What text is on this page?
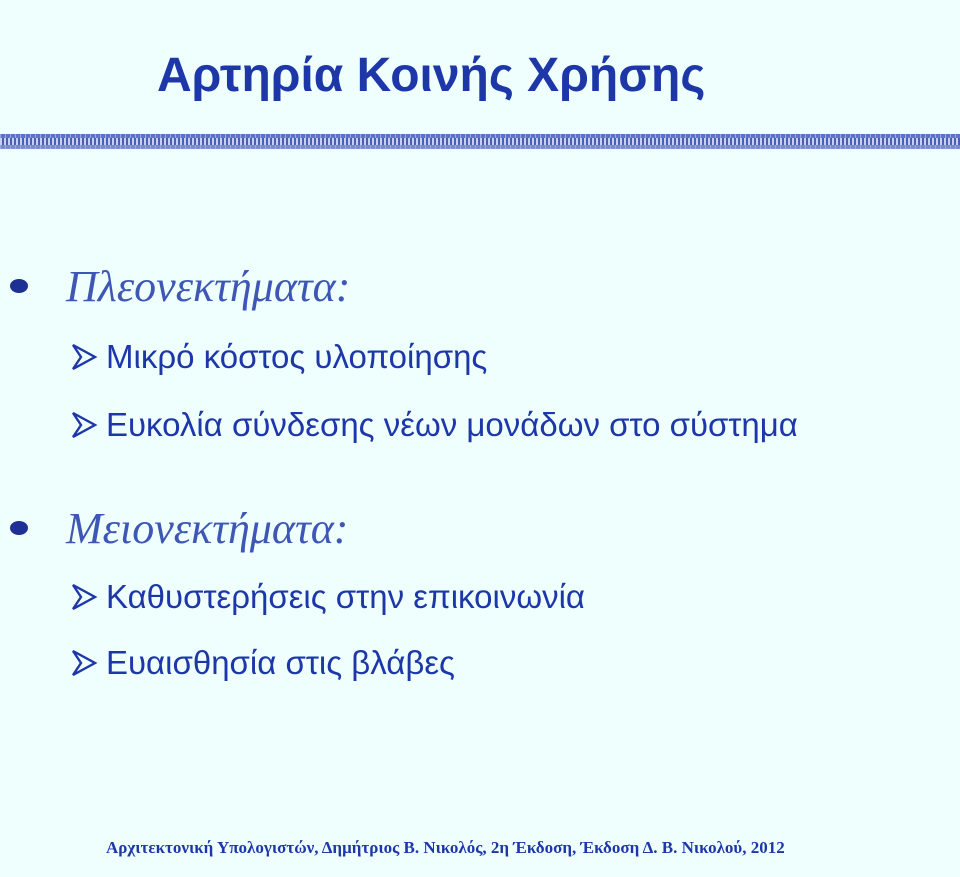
Αρτηρία Κοινής Χρήσης
Πλεονεκτήματα:
Μικρό κόστος υλοποίησης
Ευκολία σύνδεσης νέων μονάδων στο σύστημα
Μειονεκτήματα:
Καθυστερήσεις στην επικοινωνία
Ευαισθησία στις βλάβες
Αρχιτεκτονική Υπολογιστών, Δημήτριος Β. Νικολός, 2η Έκδοση, Έκδοση Δ. Β. Νικολού, 2012
